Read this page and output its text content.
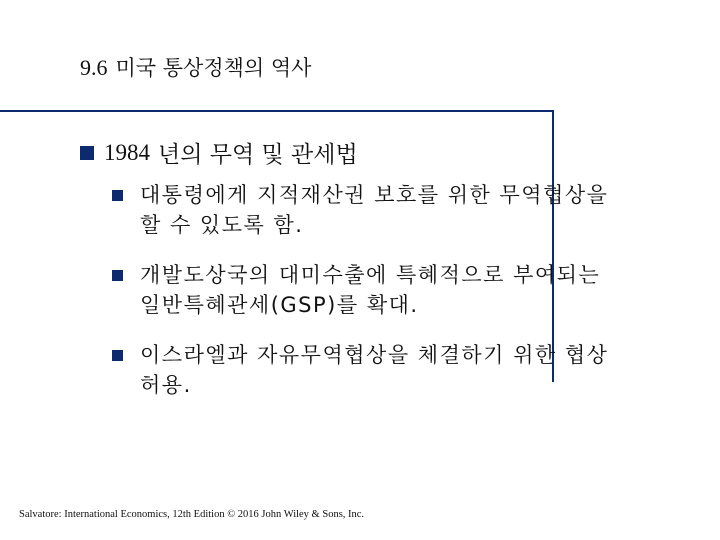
9.6 미국 통상정책의 역사
1984 년의 무역 및 관세법
대통령에게 지적재산권 보호를 위한 무역협상을
할 수 있도록 함.
개발도상국의 대미수출에 특혜적으로 부여되는
일반특혜관세(GSP)를 확대.
이스라엘과 자유무역협상을 체결하기 위한 협상
허용.
Salvatore: International Economics, 12th Edition © 2016 John Wiley & Sons, Inc.
